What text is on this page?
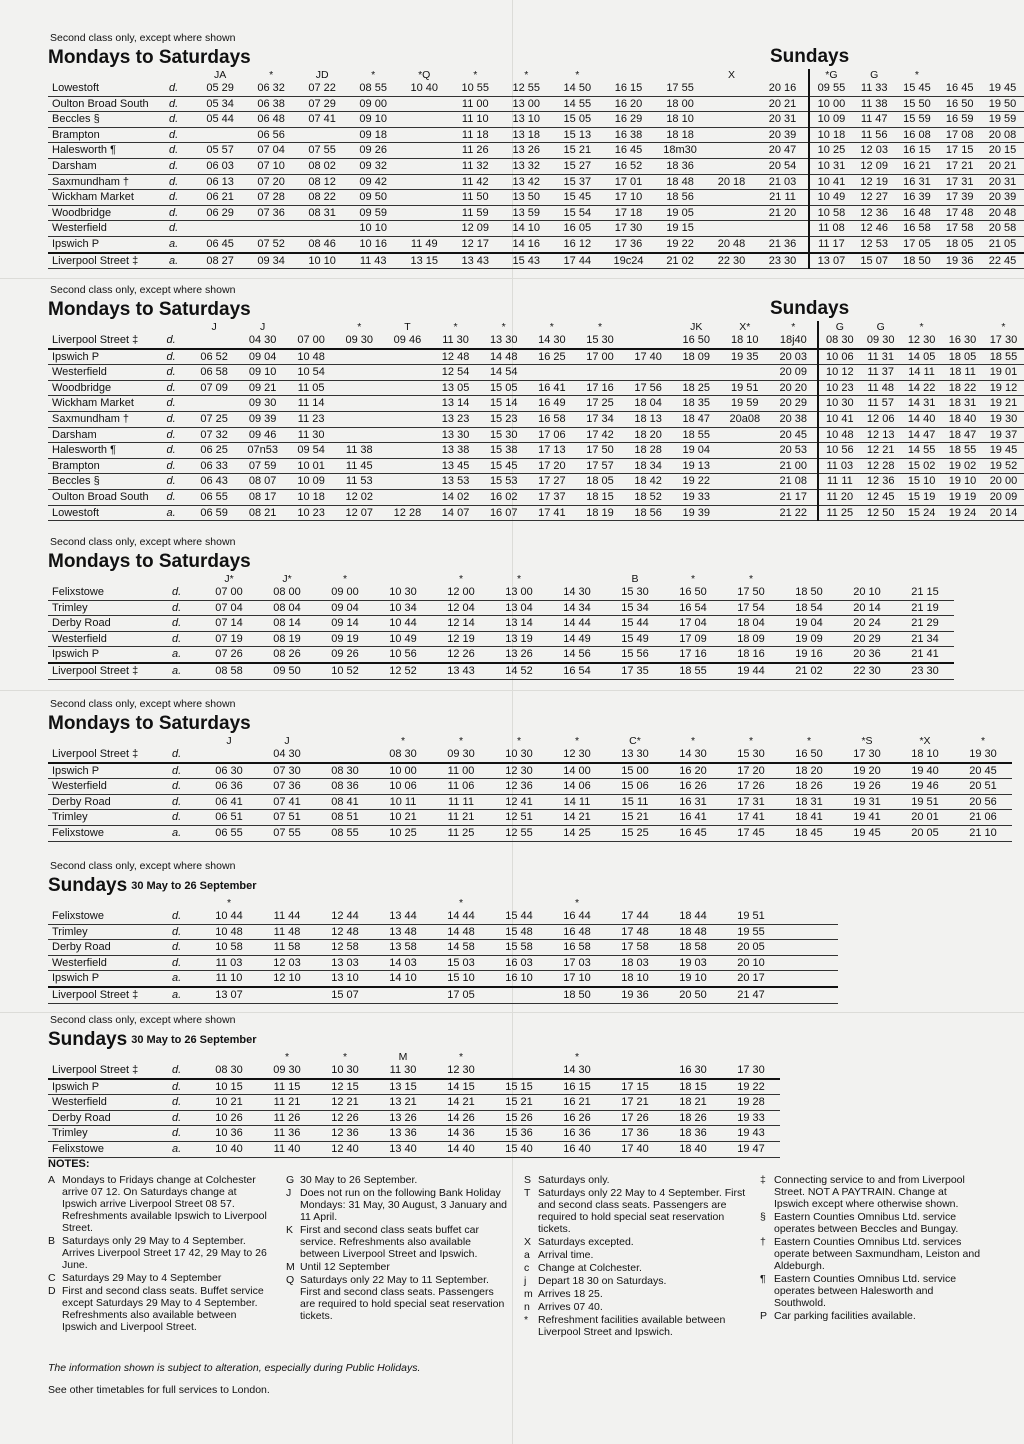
Second class only, except where shown
Mondays to Saturdays
		JA	*	JD	*	*Q	*	*	*			X		*G	G	*		
Lowestoft	d.	05 29	06 32	07 22	08 55	10 40	10 55	12 55	14 50	16 15	17 55		20 16	09 55	11 33	15 45	16 45	19 45
Oulton Broad South	d.	05 34	06 38	07 29	09 00		11 00	13 00	14 55	16 20	18 00		20 21	10 00	11 38	15 50	16 50	19 50
Beccles §	d.	05 44	06 48	07 41	09 10		11 10	13 10	15 05	16 29	18 10		20 31	10 09	11 47	15 59	16 59	19 59
Brampton	d.		06 56		09 18		11 18	13 18	15 13	16 38	18 18		20 39	10 18	11 56	16 08	17 08	20 08
Halesworth ¶	d.	05 57	07 04	07 55	09 26		11 26	13 26	15 21	16 45	18m30		20 47	10 25	12 03	16 15	17 15	20 15
Darsham	d.	06 03	07 10	08 02	09 32		11 32	13 32	15 27	16 52	18 36		20 54	10 31	12 09	16 21	17 21	20 21
Saxmundham †	d.	06 13	07 20	08 12	09 42		11 42	13 42	15 37	17 01	18 48	20 18	21 03	10 41	12 19	16 31	17 31	20 31
Wickham Market	d.	06 21	07 28	08 22	09 50		11 50	13 50	15 45	17 10	18 56		21 11	10 49	12 27	16 39	17 39	20 39
Woodbridge	d.	06 29	07 36	08 31	09 59		11 59	13 59	15 54	17 18	19 05		21 20	10 58	12 36	16 48	17 48	20 48
Westerfield	d.				10 10		12 09	14 10	16 05	17 30	19 15			11 08	12 46	16 58	17 58	20 58
Ipswich P	a.	06 45	07 52	08 46	10 16	11 49	12 17	14 16	16 12	17 36	19 22	20 48	21 36	11 17	12 53	17 05	18 05	21 05
Liverpool Street ‡	a.	08 27	09 34	10 10	11 43	13 15	13 43	15 43	17 44	19c24	21 02	22 30	23 30	13 07	15 07	18 50	19 36	22 45
Sundays
Second class only, except where shown
Mondays to Saturdays
		J	J		*	T	*	*	*	*		JK	X*	*	G	G	*		*
Liverpool Street ‡	d.		04 30	07 00	09 30	09 46	11 30	13 30	14 30	15 30		16 50	18 10	18j40	08 30	09 30	12 30	16 30	17 30
Ipswich P	d.	06 52	09 04	10 48			12 48	14 48	16 25	17 00	17 40	18 09	19 35	20 03	10 06	11 31	14 05	18 05	18 55
Westerfield	d.	06 58	09 10	10 54			12 54	14 54						20 09	10 12	11 37	14 11	18 11	19 01
Woodbridge	d.	07 09	09 21	11 05			13 05	15 05	16 41	17 16	17 56	18 25	19 51	20 20	10 23	11 48	14 22	18 22	19 12
Wickham Market	d.		09 30	11 14			13 14	15 14	16 49	17 25	18 04	18 35	19 59	20 29	10 30	11 57	14 31	18 31	19 21
Saxmundham †	d.	07 25	09 39	11 23			13 23	15 23	16 58	17 34	18 13	18 47	20a08	20 38	10 41	12 06	14 40	18 40	19 30
Darsham	d.	07 32	09 46	11 30			13 30	15 30	17 06	17 42	18 20	18 55		20 45	10 48	12 13	14 47	18 47	19 37
Halesworth ¶	d.	06 25	07n53	09 54	11 38		13 38	15 38	17 13	17 50	18 28	19 04		20 53	10 56	12 21	14 55	18 55	19 45
Brampton	d.	06 33	07 59	10 01	11 45		13 45	15 45	17 20	17 57	18 34	19 13		21 00	11 03	12 28	15 02	19 02	19 52
Beccles §	d.	06 43	08 07	10 09	11 53		13 53	15 53	17 27	18 05	18 42	19 22		21 08	11 11	12 36	15 10	19 10	20 00
Oulton Broad South	d.	06 55	08 17	10 18	12 02		14 02	16 02	17 37	18 15	18 52	19 33		21 17	11 20	12 45	15 19	19 19	20 09
Lowestoft	a.	06 59	08 21	10 23	12 07	12 28	14 07	16 07	17 41	18 19	18 56	19 39		21 22	11 25	12 50	15 24	19 24	20 14
Sundays
Second class only, except where shown
Mondays to Saturdays
		J*	J*	*		*	*		B	*	*			
Felixstowe	d.	07 00	08 00	09 00	10 30	12 00	13 00	14 30	15 30	16 50	17 50	18 50	20 10	21 15
Trimley	d.	07 04	08 04	09 04	10 34	12 04	13 04	14 34	15 34	16 54	17 54	18 54	20 14	21 19
Derby Road	d.	07 14	08 14	09 14	10 44	12 14	13 14	14 44	15 44	17 04	18 04	19 04	20 24	21 29
Westerfield	d.	07 19	08 19	09 19	10 49	12 19	13 19	14 49	15 49	17 09	18 09	19 09	20 29	21 34
Ipswich P	a.	07 26	08 26	09 26	10 56	12 26	13 26	14 56	15 56	17 16	18 16	19 16	20 36	21 41
Liverpool Street ‡	a.	08 58	09 50	10 52	12 52	13 43	14 52	16 54	17 35	18 55	19 44	21 02	22 30	23 30
Second class only, except where shown
Mondays to Saturdays
		J	J		*	*	*	*	C*	*	*	*	*S	*X	*
Liverpool Street ‡	d.		04 30		08 30	09 30	10 30	12 30	13 30	14 30	15 30	16 50	17 30	18 10	19 30
Ipswich P	d.	06 30	07 30	08 30	10 00	11 00	12 30	14 00	15 00	16 20	17 20	18 20	19 20	19 40	20 45
Westerfield	d.	06 36	07 36	08 36	10 06	11 06	12 36	14 06	15 06	16 26	17 26	18 26	19 26	19 46	20 51
Derby Road	d.	06 41	07 41	08 41	10 11	11 11	12 41	14 11	15 11	16 31	17 31	18 31	19 31	19 51	20 56
Trimley	d.	06 51	07 51	08 51	10 21	11 21	12 51	14 21	15 21	16 41	17 41	18 41	19 41	20 01	21 06
Felixstowe	a.	06 55	07 55	08 55	10 25	11 25	12 55	14 25	15 25	16 45	17 45	18 45	19 45	20 05	21 10
Second class only, except where shown
Sundays $^{30 May to 26 September}$
		*				*		*				
Felixstowe	d.	10 44	11 44	12 44	13 44	14 44	15 44	16 44	17 44	18 44	19 51	
Trimley	d.	10 48	11 48	12 48	13 48	14 48	15 48	16 48	17 48	18 48	19 55	
Derby Road	d.	10 58	11 58	12 58	13 58	14 58	15 58	16 58	17 58	18 58	20 05	
Westerfield	d.	11 03	12 03	13 03	14 03	15 03	16 03	17 03	18 03	19 03	20 10	
Ipswich P	a.	11 10	12 10	13 10	14 10	15 10	16 10	17 10	18 10	19 10	20 17	
Liverpool Street ‡	a.	13 07		15 07		17 05		18 50	19 36	20 50	21 47	
Second class only, except where shown
Sundays $^{30 May to 26 September}$
			*	*	M	*		*			
Liverpool Street ‡	d.	08 30	09 30	10 30	11 30	12 30		14 30		16 30	17 30
Ipswich P	d.	10 15	11 15	12 15	13 15	14 15	15 15	16 15	17 15	18 15	19 22
Westerfield	d.	10 21	11 21	12 21	13 21	14 21	15 21	16 21	17 21	18 21	19 28
Derby Road	d.	10 26	11 26	12 26	13 26	14 26	15 26	16 26	17 26	18 26	19 33
Trimley	d.	10 36	11 36	12 36	13 36	14 36	15 36	16 36	17 36	18 36	19 43
Felixstowe	a.	10 40	11 40	12 40	13 40	14 40	15 40	16 40	17 40	18 40	19 47
NOTES:
A Mondays to Fridays change at Colchester arrive 07 12. On Saturdays change at Ipswich arrive Liverpool Street 08 57. Refreshments available Ipswich to Liverpool Street.
B Saturdays only 29 May to 4 September. Arrives Liverpool Street 17 42, 29 May to 26 June.
C Saturdays 29 May to 4 September
D First and second class seats. Buffet service except Saturdays 29 May to 4 September. Refreshments also available between Ipswich and Liverpool Street.
G 30 May to 26 September.
J Does not run on the following Bank Holiday Mondays: 31 May, 30 August, 3 January and 11 April.
K First and second class seats buffet car service. Refreshments also available between Liverpool Street and Ipswich.
M Until 12 September
Q Saturdays only 22 May to 11 September. First and second class seats. Passengers are required to hold special seat reservation tickets.
S Saturdays only.
T Saturdays only 22 May to 4 September. First and second class seats. Passengers are required to hold special seat reservation tickets.
X Saturdays excepted.
a Arrival time.
c Change at Colchester.
j	Depart 18 30 on Saturdays.
m Arrives 18 25.
n Arrives 07 40.
* Refreshment facilities available between Liverpool Street and Ipswich.
‡ Connecting service to and from Liverpool Street. NOT A PAYTRAIN. Change at Ipswich except where otherwise shown.
§ Eastern Counties Omnibus Ltd. service operates between Beccles and Bungay.
† Eastern Counties Omnibus Ltd. services operate between Saxmundham, Leiston and Aldeburgh.
¶ Eastern Counties Omnibus Ltd. service operates between Halesworth and Southwold.
P Car parking facilities available.
The information shown is subject to alteration, especially during Public Holidays.
See other timetables for full services to London.
